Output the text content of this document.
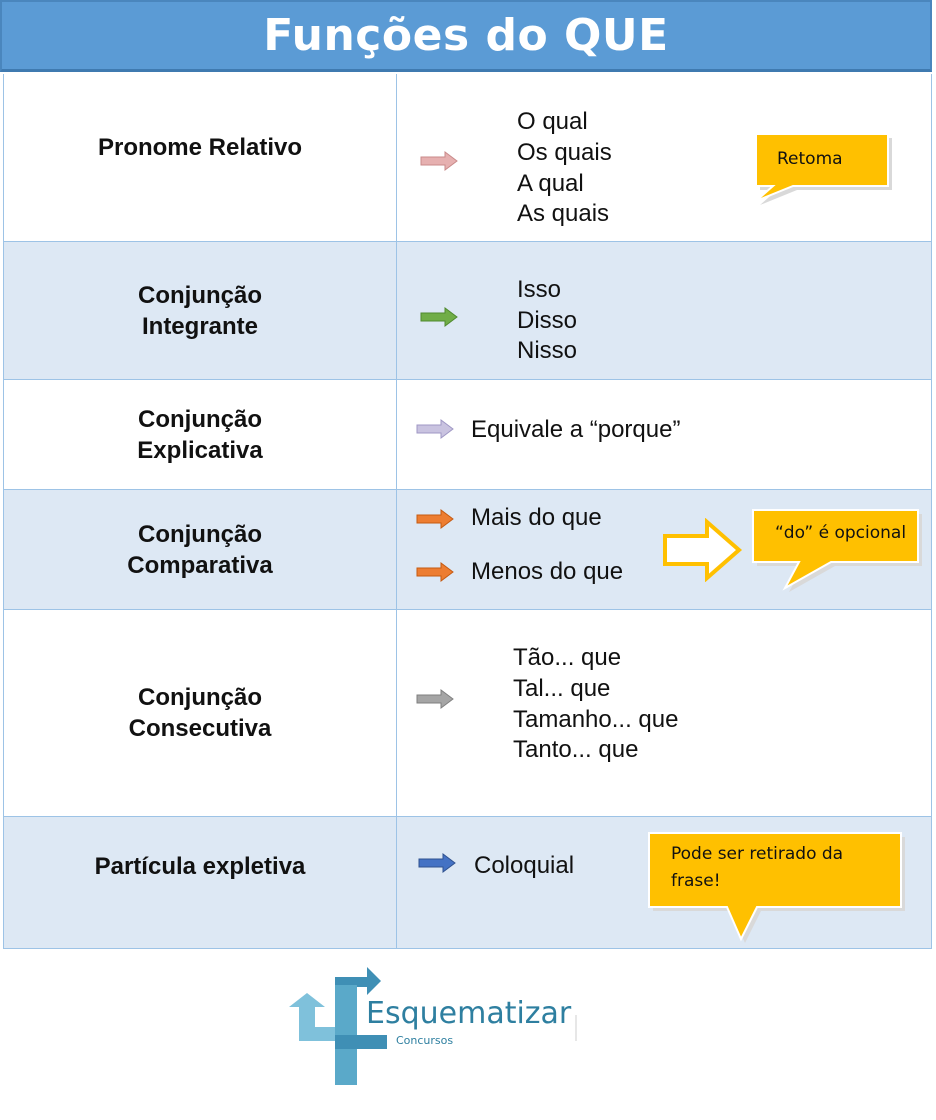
Funções do QUE
Pronome Relativo
O qual
Os quais
A qual
As quais
Retoma
Conjunção
Integrante
Isso
Disso
Nisso
Conjunção
Explicativa
Equivale a “porque”
Conjunção
Comparativa
Mais do que
Menos do que
“do” é opcional
Conjunção
Consecutiva
Tão... que
Tal... que
Tamanho... que
Tanto... que
Partícula expletiva	Coloquial	Pode ser retirado da
frase!
Esquematizar
Concursos
